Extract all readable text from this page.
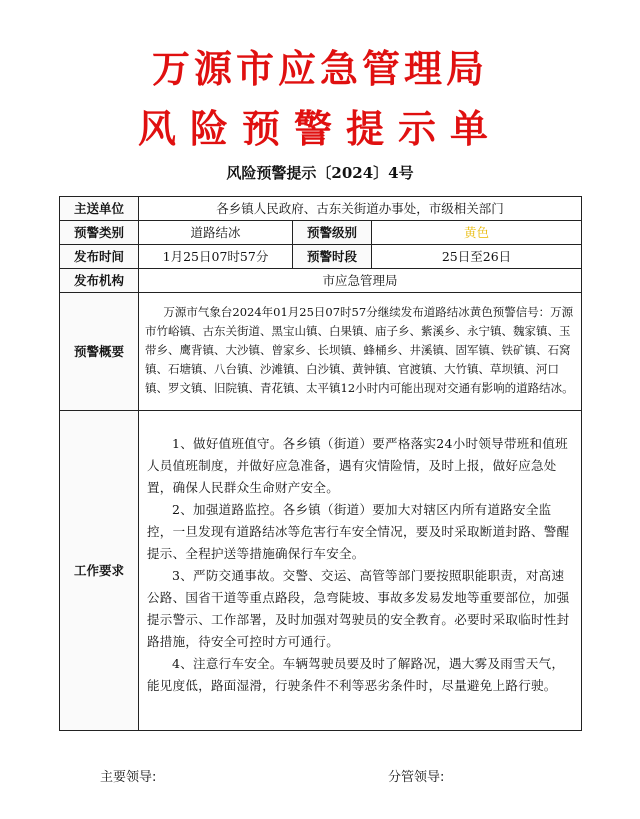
万源市应急管理局
风险预警提示单
风险预警提示〔2024〕4号
主送单位	各乡镇人民政府、古东关街道办事处，市级相关部门		
预警类别	道路结冰	预警级别	黄色
发布时间	1月25日07时57分	预警时段	25日至26日
发布机构	市应急管理局		
预警概要	万源市气象台2024年01月25日07时57分继续发布道路结冰黄色预警信号：万源市竹峪镇、古东关街道、黑宝山镇、白果镇、庙子乡、紫溪乡、永宁镇、魏家镇、玉带乡、鹰背镇、大沙镇、曾家乡、长坝镇、蜂桶乡、井溪镇、固军镇、铁矿镇、石窝镇、石塘镇、八台镇、沙滩镇、白沙镇、黄钟镇、官渡镇、大竹镇、草坝镇、河口镇、罗文镇、旧院镇、青花镇、太平镇12小时内可能出现对交通有影响的道路结冰。		
工作要求	1、做好值班值守。各乡镇（街道）要严格落实24小时领导带班和值班人员值班制度，并做好应急准备，遇有灾情险情，及时上报，做好应急处置，确保人民群众生命财产安全。

2、加强道路监控。各乡镇（街道）要加大对辖区内所有道路安全监控，一旦发现有道路结冰等危害行车安全情况，要及时采取断道封路、警醒提示、全程护送等措施确保行车安全。

3、严防交通事故。交警、交运、高管等部门要按照职能职责，对高速公路、国省干道等重点路段，急弯陡坡、事故多发易发地等重要部位，加强提示警示、工作部署，及时加强对驾驶员的安全教育。必要时采取临时性封路措施，待安全可控时方可通行。

4、注意行车安全。车辆驾驶员要及时了解路况，遇大雾及雨雪天气，能见度低，路面湿滑，行驶条件不利等恶劣条件时，尽量避免上路行驶。		

主要领导:	分管领导:
